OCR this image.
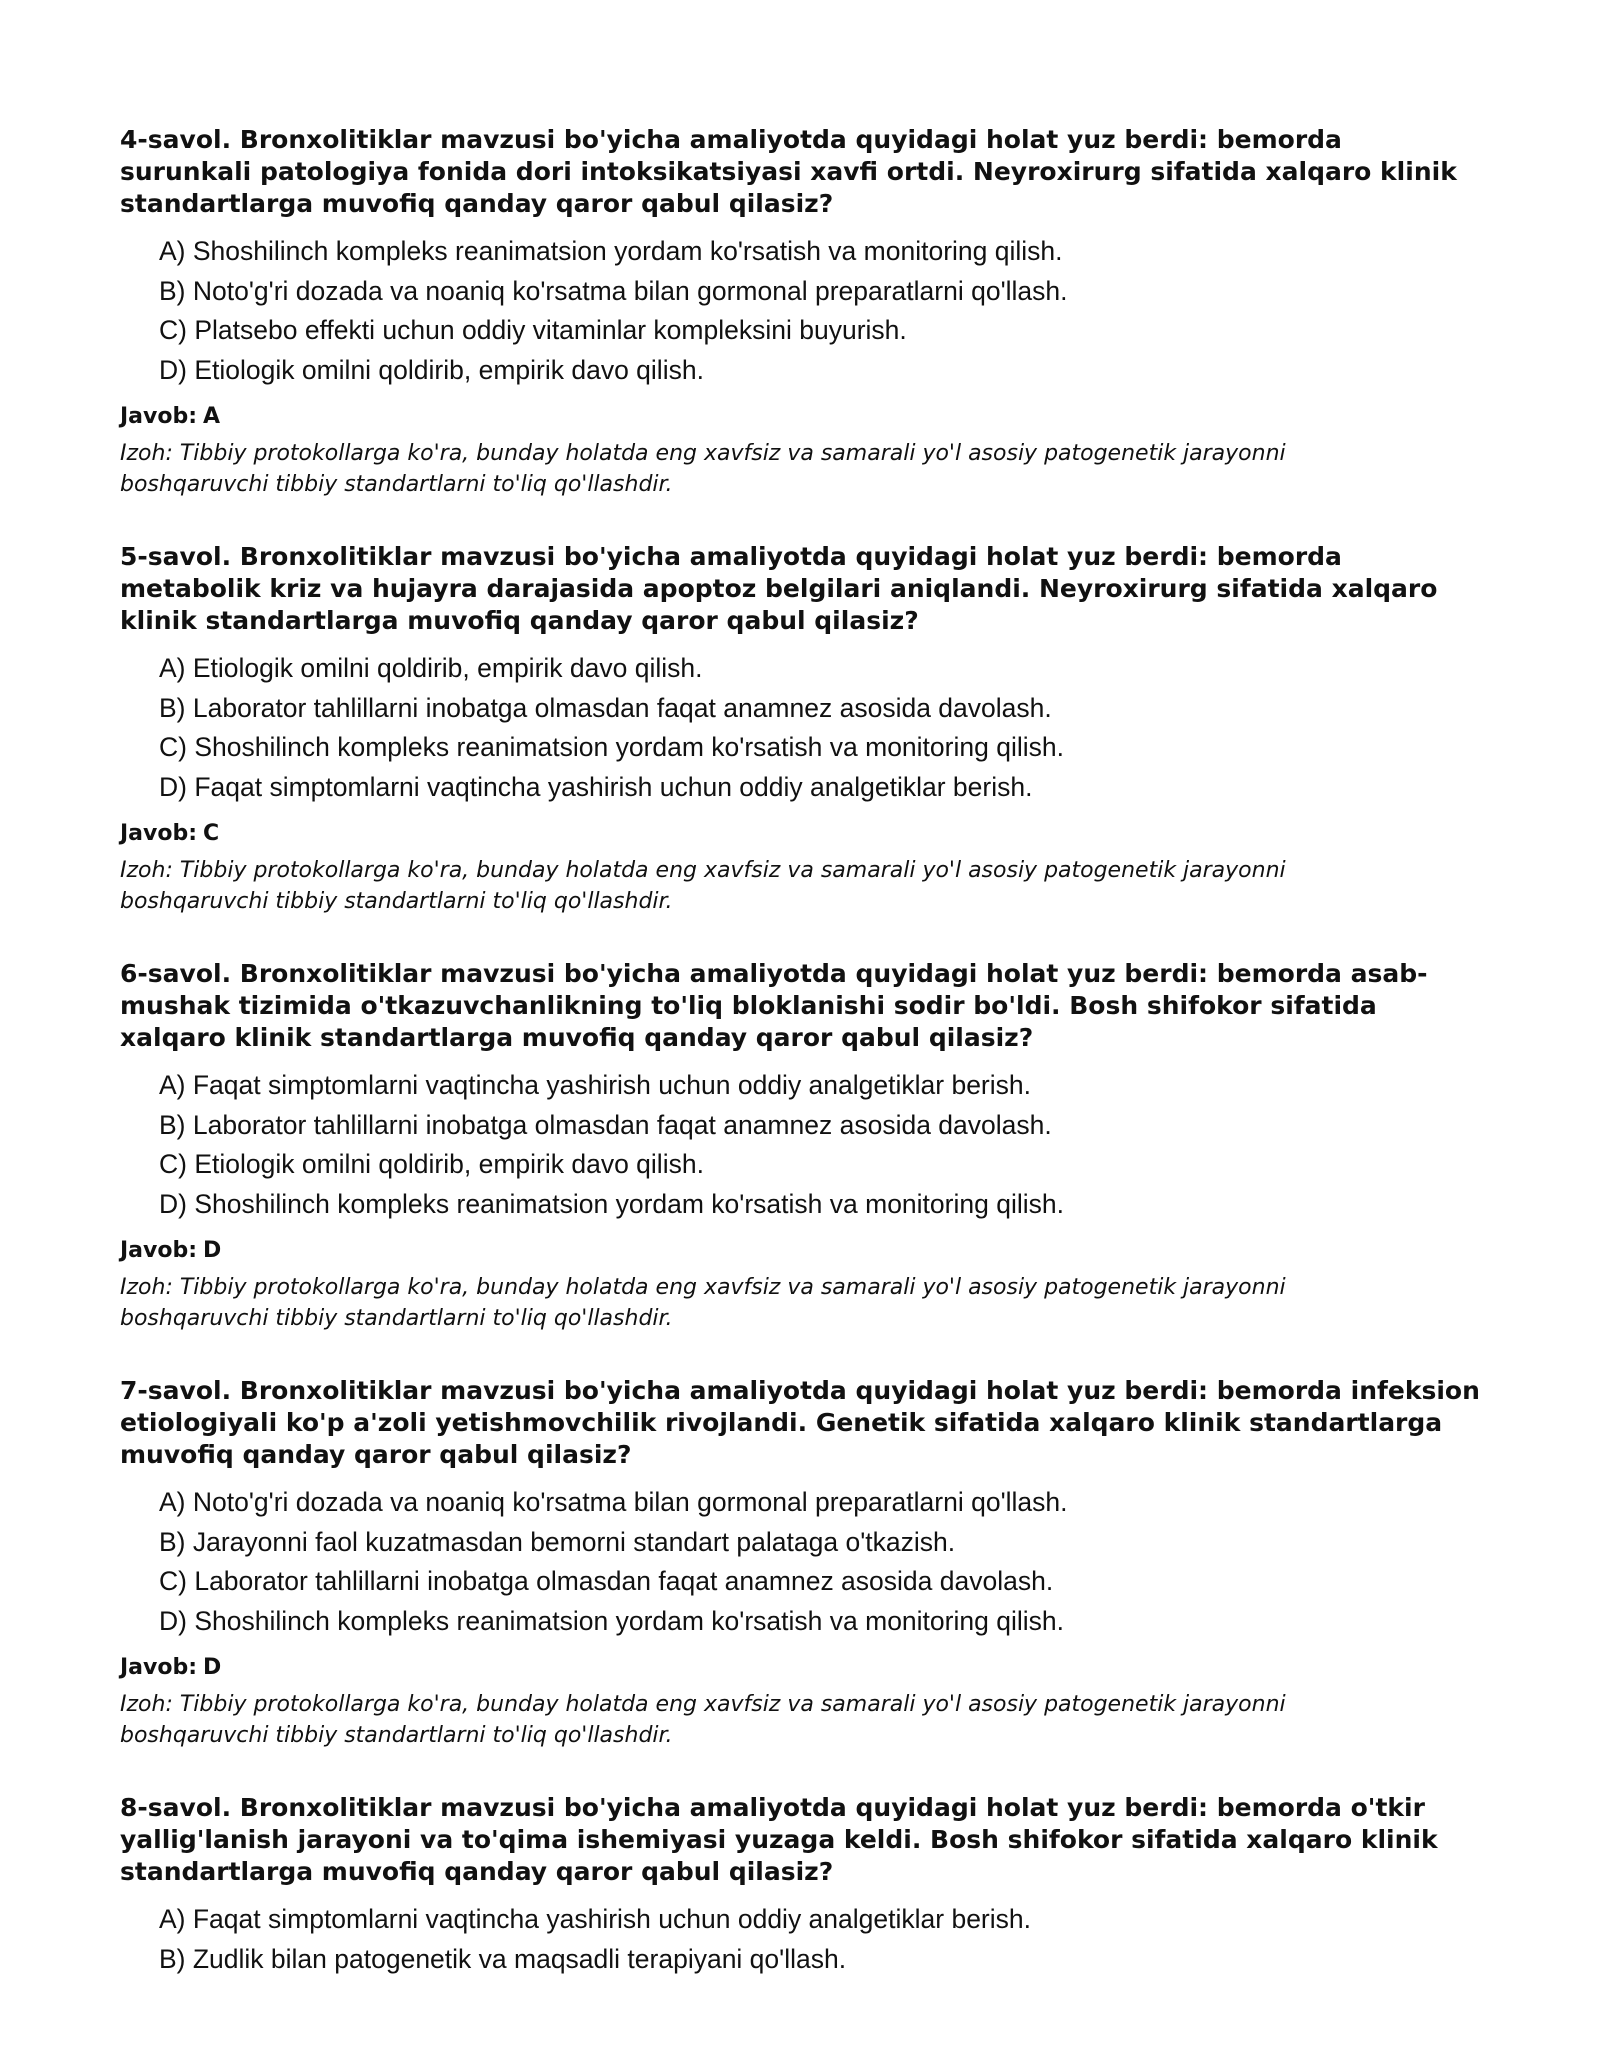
4-savol. Bronxolitiklar mavzusi bo'yicha amaliyotda quyidagi holat yuz berdi: bemorda surunkali patologiya fonida dori intoksikatsiyasi xavfi ortdi. Neyroxirurg sifatida xalqaro klinik standartlarga muvofiq qanday qaror qabul qilasiz?

A) Shoshilinch kompleks reanimatsion yordam ko'rsatish va monitoring qilish.
B) Noto'g'ri dozada va noaniq ko'rsatma bilan gormonal preparatlarni qo'llash.
C) Platsebo effekti uchun oddiy vitaminlar kompleksini buyurish.
D) Etiologik omilni qoldirib, empirik davo qilish.

Javob: A

Izoh: Tibbiy protokollarga ko'ra, bunday holatda eng xavfsiz va samarali yo'l asosiy patogenetik jarayonni boshqaruvchi tibbiy standartlarni to'liq qo'llashdir.

5-savol. Bronxolitiklar mavzusi bo'yicha amaliyotda quyidagi holat yuz berdi: bemorda metabolik kriz va hujayra darajasida apoptoz belgilari aniqlandi. Neyroxirurg sifatida xalqaro klinik standartlarga muvofiq qanday qaror qabul qilasiz?

A) Etiologik omilni qoldirib, empirik davo qilish.
B) Laborator tahlillarni inobatga olmasdan faqat anamnez asosida davolash.
C) Shoshilinch kompleks reanimatsion yordam ko'rsatish va monitoring qilish.
D) Faqat simptomlarni vaqtincha yashirish uchun oddiy analgetiklar berish.

Javob: C

Izoh: Tibbiy protokollarga ko'ra, bunday holatda eng xavfsiz va samarali yo'l asosiy patogenetik jarayonni boshqaruvchi tibbiy standartlarni to'liq qo'llashdir.

6-savol. Bronxolitiklar mavzusi bo'yicha amaliyotda quyidagi holat yuz berdi: bemorda asab-mushak tizimida o'tkazuvchanlikning to'liq bloklanishi sodir bo'ldi. Bosh shifokor sifatida xalqaro klinik standartlarga muvofiq qanday qaror qabul qilasiz?

A) Faqat simptomlarni vaqtincha yashirish uchun oddiy analgetiklar berish.
B) Laborator tahlillarni inobatga olmasdan faqat anamnez asosida davolash.
C) Etiologik omilni qoldirib, empirik davo qilish.
D) Shoshilinch kompleks reanimatsion yordam ko'rsatish va monitoring qilish.

Javob: D

Izoh: Tibbiy protokollarga ko'ra, bunday holatda eng xavfsiz va samarali yo'l asosiy patogenetik jarayonni boshqaruvchi tibbiy standartlarni to'liq qo'llashdir.

7-savol. Bronxolitiklar mavzusi bo'yicha amaliyotda quyidagi holat yuz berdi: bemorda infeksion etiologiyali ko'p a'zoli yetishmovchilik rivojlandi. Genetik sifatida xalqaro klinik standartlarga muvofiq qanday qaror qabul qilasiz?

A) Noto'g'ri dozada va noaniq ko'rsatma bilan gormonal preparatlarni qo'llash.
B) Jarayonni faol kuzatmasdan bemorni standart palataga o'tkazish.
C) Laborator tahlillarni inobatga olmasdan faqat anamnez asosida davolash.
D) Shoshilinch kompleks reanimatsion yordam ko'rsatish va monitoring qilish.

Javob: D

Izoh: Tibbiy protokollarga ko'ra, bunday holatda eng xavfsiz va samarali yo'l asosiy patogenetik jarayonni boshqaruvchi tibbiy standartlarni to'liq qo'llashdir.

8-savol. Bronxolitiklar mavzusi bo'yicha amaliyotda quyidagi holat yuz berdi: bemorda o'tkir yallig'lanish jarayoni va to'qima ishemiyasi yuzaga keldi. Bosh shifokor sifatida xalqaro klinik standartlarga muvofiq qanday qaror qabul qilasiz?

A) Faqat simptomlarni vaqtincha yashirish uchun oddiy analgetiklar berish.
B) Zudlik bilan patogenetik va maqsadli terapiyani qo'llash.
